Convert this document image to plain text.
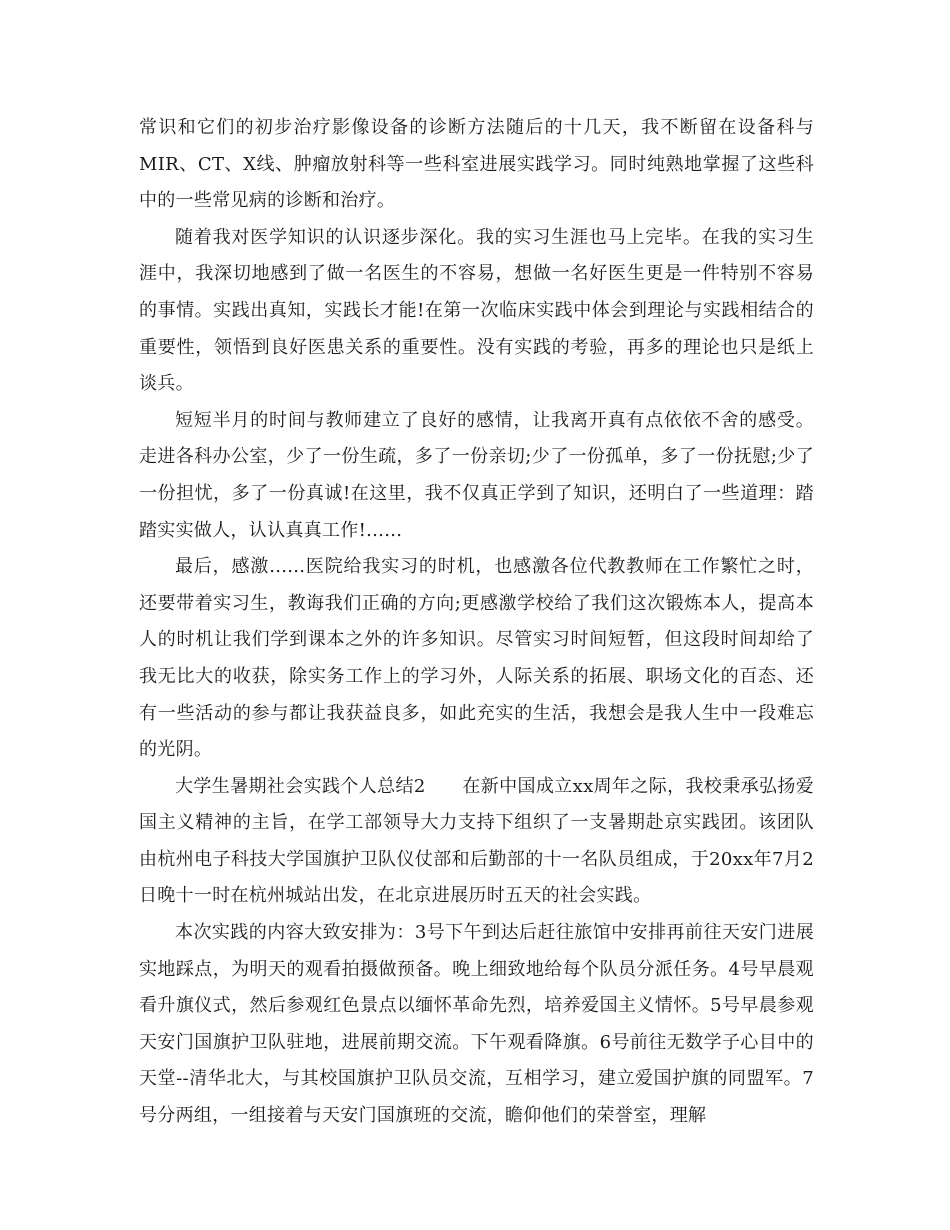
常识和它们的初步治疗影像设备的诊断方法随后的十几天，我不断留在设备科与MIR、CT、X线、肿瘤放射科等一些科室进展实践学习。同时纯熟地掌握了这些科中的一些常见病的诊断和治疗。

随着我对医学知识的认识逐步深化。我的实习生涯也马上完毕。在我的实习生涯中，我深切地感到了做一名医生的不容易，想做一名好医生更是一件特别不容易的事情。实践出真知，实践长才能!在第一次临床实践中体会到理论与实践相结合的重要性，领悟到良好医患关系的重要性。没有实践的考验，再多的理论也只是纸上谈兵。

短短半月的时间与教师建立了良好的感情，让我离开真有点依依不舍的感受。走进各科办公室，少了一份生疏，多了一份亲切;少了一份孤单，多了一份抚慰;少了一份担忧，多了一份真诚!在这里，我不仅真正学到了知识，还明白了一些道理：踏踏实实做人，认认真真工作!......

最后，感激......医院给我实习的时机，也感激各位代教教师在工作繁忙之时，还要带着实习生，教诲我们正确的方向;更感激学校给了我们这次锻炼本人，提高本人的时机让我们学到课本之外的许多知识。尽管实习时间短暂，但这段时间却给了我无比大的收获，除实务工作上的学习外，人际关系的拓展、职场文化的百态、还有一些活动的参与都让我获益良多，如此充实的生活，我想会是我人生中一段难忘的光阴。

大学生暑期社会实践个人总结2　　在新中国成立xx周年之际，我校秉承弘扬爱国主义精神的主旨，在学工部领导大力支持下组织了一支暑期赴京实践团。该团队由杭州电子科技大学国旗护卫队仪仗部和后勤部的十一名队员组成，于20xx年7月2日晚十一时在杭州城站出发，在北京进展历时五天的社会实践。

本次实践的内容大致安排为：3号下午到达后赶往旅馆中安排再前往天安门进展实地踩点，为明天的观看拍摄做预备。晚上细致地给每个队员分派任务。4号早晨观看升旗仪式，然后参观红色景点以缅怀革命先烈，培养爱国主义情怀。5号早晨参观天安门国旗护卫队驻地，进展前期交流。下午观看降旗。6号前往无数学子心目中的天堂--清华北大，与其校国旗护卫队员交流，互相学习，建立爱国护旗的同盟军。7号分两组，一组接着与天安门国旗班的交流，瞻仰他们的荣誉室，理解
